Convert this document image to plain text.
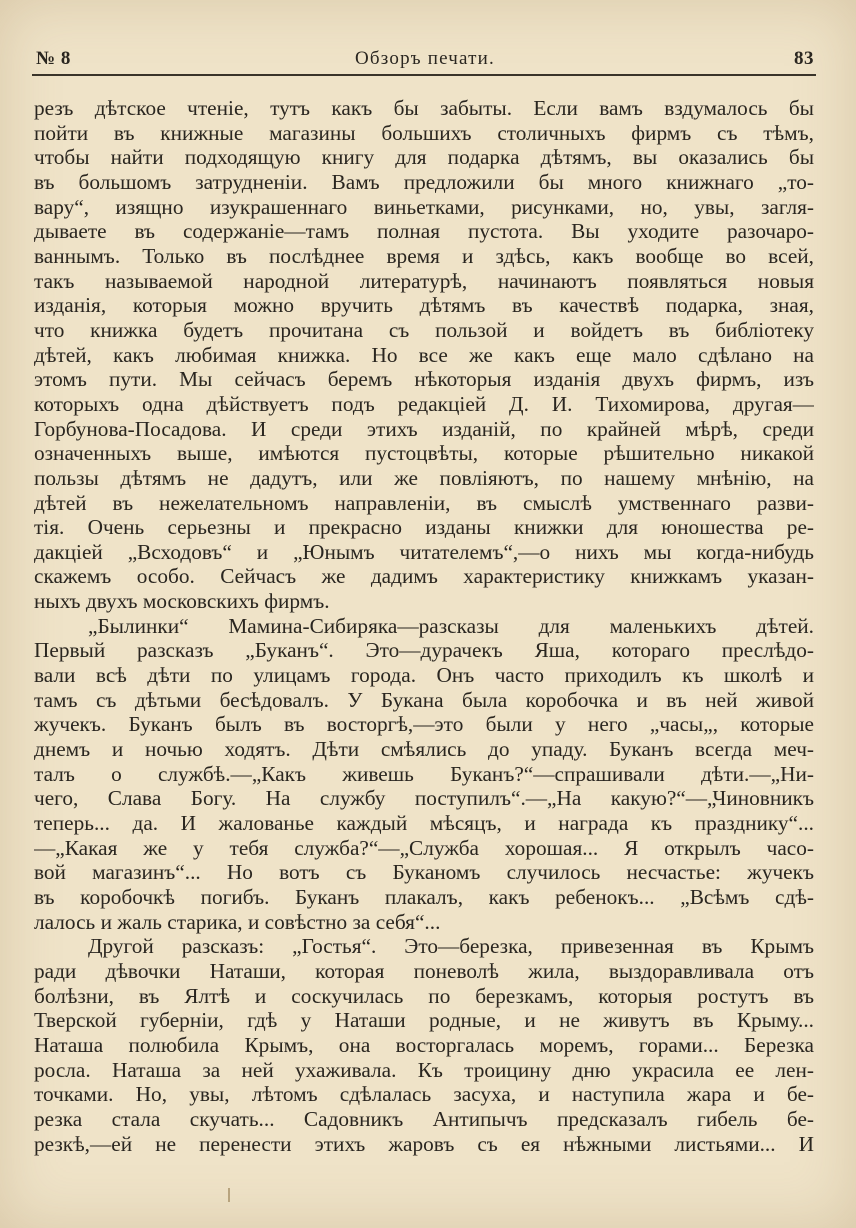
№ 8	Обзоръ печати.	83
резъ дѣтское чтеніе, тутъ какъ бы забыты. Если вамъ вздумалось бы
пойти въ книжные магазины большихъ столичныхъ фирмъ съ тѣмъ,
чтобы найти подходящую книгу для подарка дѣтямъ, вы оказались бы
въ большомъ затрудненіи. Вамъ предложили бы много книжнаго „то-
вару“, изящно изукрашеннаго виньетками, рисунками, но, увы, загля-
дываете въ содержаніе—тамъ полная пустота. Вы уходите разочаро-
ваннымъ. Только въ послѣднее время и здѣсь, какъ вообще во всей,
такъ называемой народной литературѣ, начинаютъ появляться новыя
изданія, которыя можно вручить дѣтямъ въ качествѣ подарка, зная,
что книжка будетъ прочитана съ пользой и войдетъ въ библіотеку
дѣтей, какъ любимая книжка. Но все же какъ еще мало сдѣлано на
этомъ пути. Мы сейчасъ беремъ нѣкоторыя изданія двухъ фирмъ, изъ
которыхъ одна дѣйствуетъ подъ редакціей Д. И. Тихомирова, другая—
Горбунова-Посадова. И среди этихъ изданій, по крайней мѣрѣ, среди
означенныхъ выше, имѣются пустоцвѣты, которые рѣшительно никакой
пользы дѣтямъ не дадутъ, или же повліяютъ, по нашему мнѣнію, на
дѣтей въ нежелательномъ направленіи, въ смыслѣ умственнаго разви-
тія. Очень серьезны и прекрасно изданы книжки для юношества ре-
дакціей „Всходовъ“ и „Юнымъ читателемъ“,—о нихъ мы когда-нибудь
скажемъ особо. Сейчасъ же дадимъ характеристику книжкамъ указан-
ныхъ двухъ московскихъ фирмъ.
„Былинки“ Мамина-Сибиряка—разсказы для маленькихъ дѣтей.
Первый разсказъ „Буканъ“. Это—дурачекъ Яша, котораго преслѣдо-
вали всѣ дѣти по улицамъ города. Онъ часто приходилъ къ школѣ и
тамъ съ дѣтьми бесѣдовалъ. У Букана была коробочка и въ ней живой
жучекъ. Буканъ былъ въ восторгѣ,—это были у него „часы„, которые
днемъ и ночью ходятъ. Дѣти смѣялись до упаду. Буканъ всегда меч-
талъ о службѣ.—„Какъ живешь Буканъ?“—спрашивали дѣти.—„Ни-
чего, Слава Богу. На службу поступилъ“.—„На какую?“—„Чиновникъ
теперь... да. И жалованье каждый мѣсяцъ, и награда къ празднику“...
—„Какая же у тебя служба?“—„Служба хорошая... Я открылъ часо-
вой магазинъ“... Но вотъ съ Буканомъ случилось несчастье: жучекъ
въ коробочкѣ погибъ. Буканъ плакалъ, какъ ребенокъ... „Всѣмъ сдѣ-
лалось и жаль старика, и совѣстно за себя“...
Другой разсказъ: „Гостья“. Это—березка, привезенная въ Крымъ
ради дѣвочки Наташи, которая поневолѣ жила, выздоравливала отъ
болѣзни, въ Ялтѣ и соскучилась по березкамъ, которыя ростутъ въ
Тверской губерніи, гдѣ у Наташи родные, и не живутъ въ Крыму...
Наташа полюбила Крымъ, она восторгалась моремъ, горами... Березка
росла. Наташа за ней ухаживала. Къ троицину дню украсила ее лен-
точками. Но, увы, лѣтомъ сдѣлалась засуха, и наступила жара и бе-
резка стала скучать... Садовникъ Антипычъ предсказалъ гибель бе-
резкѣ,—ей не перенести этихъ жаровъ съ ея нѣжными листьями... И
